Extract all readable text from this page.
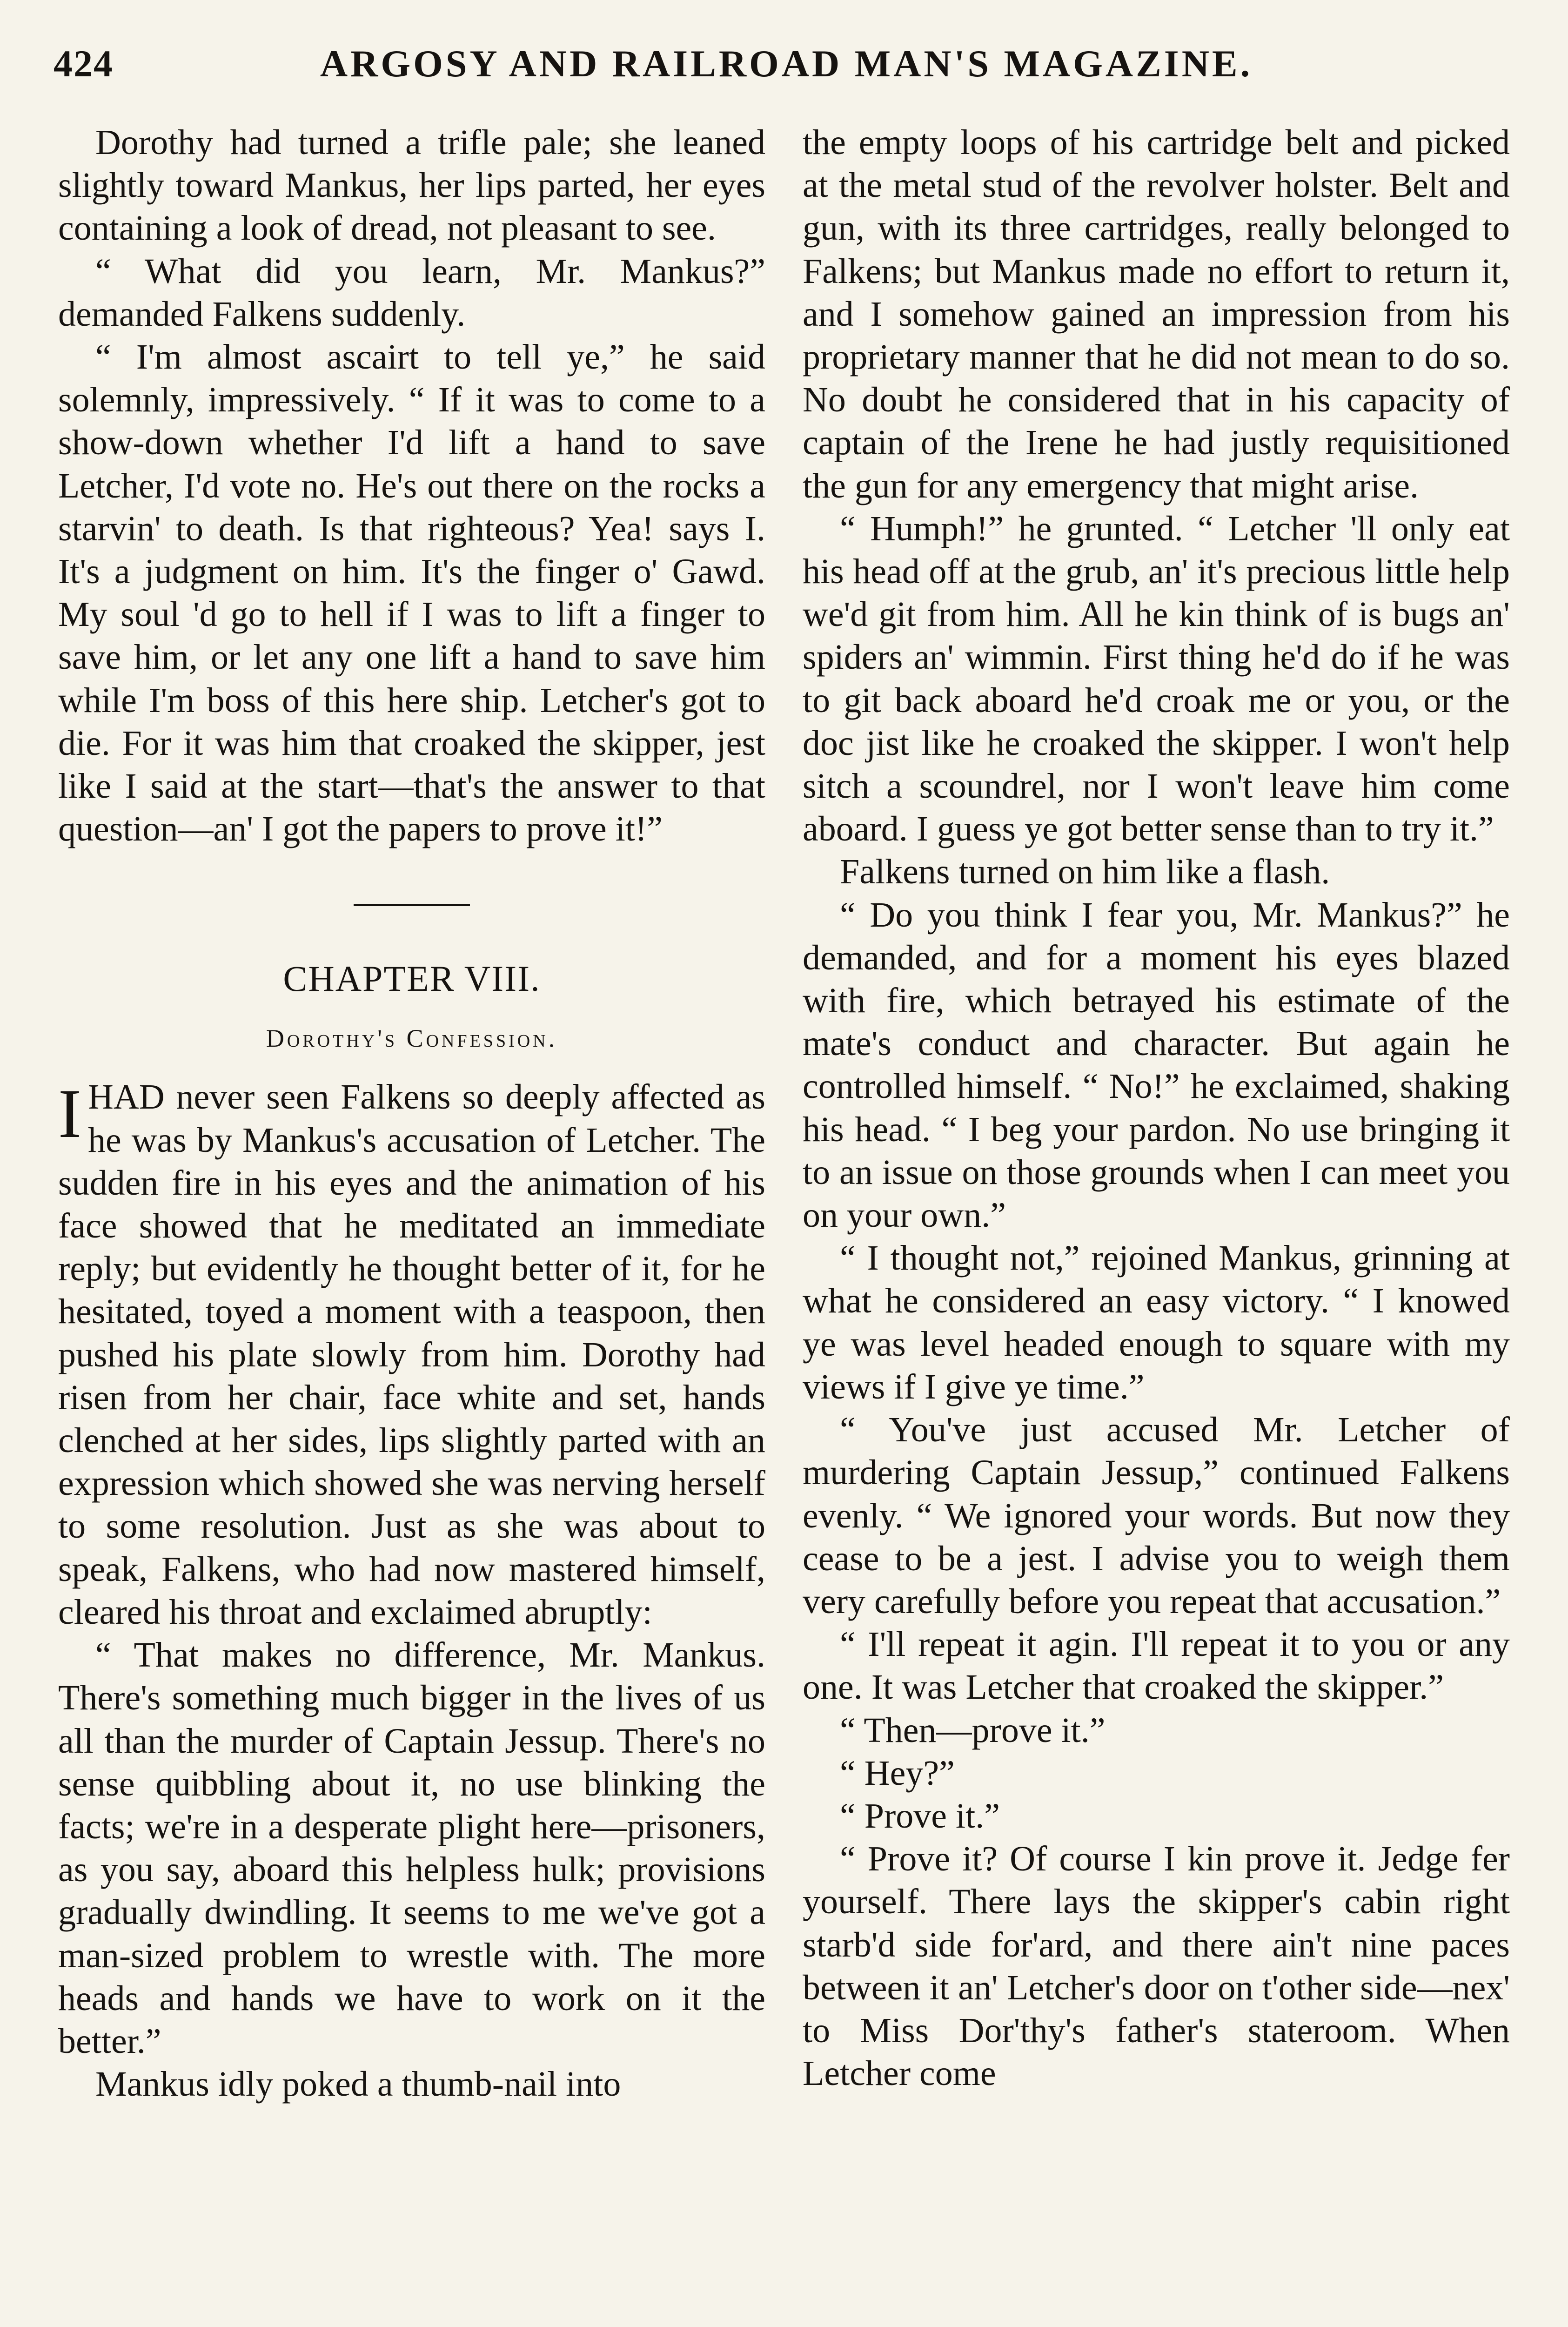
424	ARGOSY AND RAILROAD MAN'S MAGAZINE.

Dorothy had turned a trifle pale; she leaned slightly toward Mankus, her lips parted, her eyes containing a look of dread, not pleasant to see.

“ What did you learn, Mr. Mankus?” demanded Falkens suddenly.

“ I'm almost ascairt to tell ye,” he said solemnly, impressively. “ If it was to come to a show-down whether I'd lift a hand to save Letcher, I'd vote no. He's out there on the rocks a starvin' to death. Is that righteous? Yea! says I. It's a judgment on him. It's the finger o' Gawd. My soul 'd go to hell if I was to lift a finger to save him, or let any one lift a hand to save him while I'm boss of this here ship. Letcher's got to die. For it was him that croaked the skipper, jest like I said at the start—that's the answer to that question—an' I got the papers to prove it!”

CHAPTER VIII.

Dorothy's Confession.

IHAD never seen Falkens so deeply affected as he was by Mankus's accusation of Letcher. The sudden fire in his eyes and the animation of his face showed that he meditated an immediate reply; but evidently he thought better of it, for he hesitated, toyed a moment with a teaspoon, then pushed his plate slowly from him. Dorothy had risen from her chair, face white and set, hands clenched at her sides, lips slightly parted with an expression which showed she was nerving herself to some resolution. Just as she was about to speak, Falkens, who had now mastered himself, cleared his throat and exclaimed abruptly:

“ That makes no difference, Mr. Mankus. There's something much bigger in the lives of us all than the murder of Captain Jessup. There's no sense quibbling about it, no use blinking the facts; we're in a desperate plight here—prisoners, as you say, aboard this helpless hulk; provisions gradually dwindling. It seems to me we've got a man-sized problem to wrestle with. The more heads and hands we have to work on it the better.”

Mankus idly poked a thumb-nail into

the empty loops of his cartridge belt and picked at the metal stud of the revolver holster. Belt and gun, with its three cartridges, really belonged to Falkens; but Mankus made no effort to return it, and I somehow gained an impression from his proprietary manner that he did not mean to do so. No doubt he considered that in his capacity of captain of the Irene he had justly requisitioned the gun for any emergency that might arise.

“ Humph!” he grunted. “ Letcher 'll only eat his head off at the grub, an' it's precious little help we'd git from him. All he kin think of is bugs an' spiders an' wimmin. First thing he'd do if he was to git back aboard he'd croak me or you, or the doc jist like he croaked the skipper. I won't help sitch a scoundrel, nor I won't leave him come aboard. I guess ye got better sense than to try it.”

Falkens turned on him like a flash.

“ Do you think I fear you, Mr. Mankus?” he demanded, and for a moment his eyes blazed with fire, which betrayed his estimate of the mate's conduct and character. But again he controlled himself. “ No!” he exclaimed, shaking his head. “ I beg your pardon. No use bringing it to an issue on those grounds when I can meet you on your own.”

“ I thought not,” rejoined Mankus, grinning at what he considered an easy victory. “ I knowed ye was level headed enough to square with my views if I give ye time.”

“ You've just accused Mr. Letcher of murdering Captain Jessup,” continued Falkens evenly. “ We ignored your words. But now they cease to be a jest. I advise you to weigh them very carefully before you repeat that accusation.”

“ I'll repeat it agin. I'll repeat it to you or any one. It was Letcher that croaked the skipper.”

“ Then—prove it.”

“ Hey?”

“ Prove it.”

“ Prove it? Of course I kin prove it. Jedge fer yourself. There lays the skipper's cabin right starb'd side for'ard, and there ain't nine paces between it an' Letcher's door on t'other side—nex' to Miss Dor'thy's father's stateroom. When Letcher come
